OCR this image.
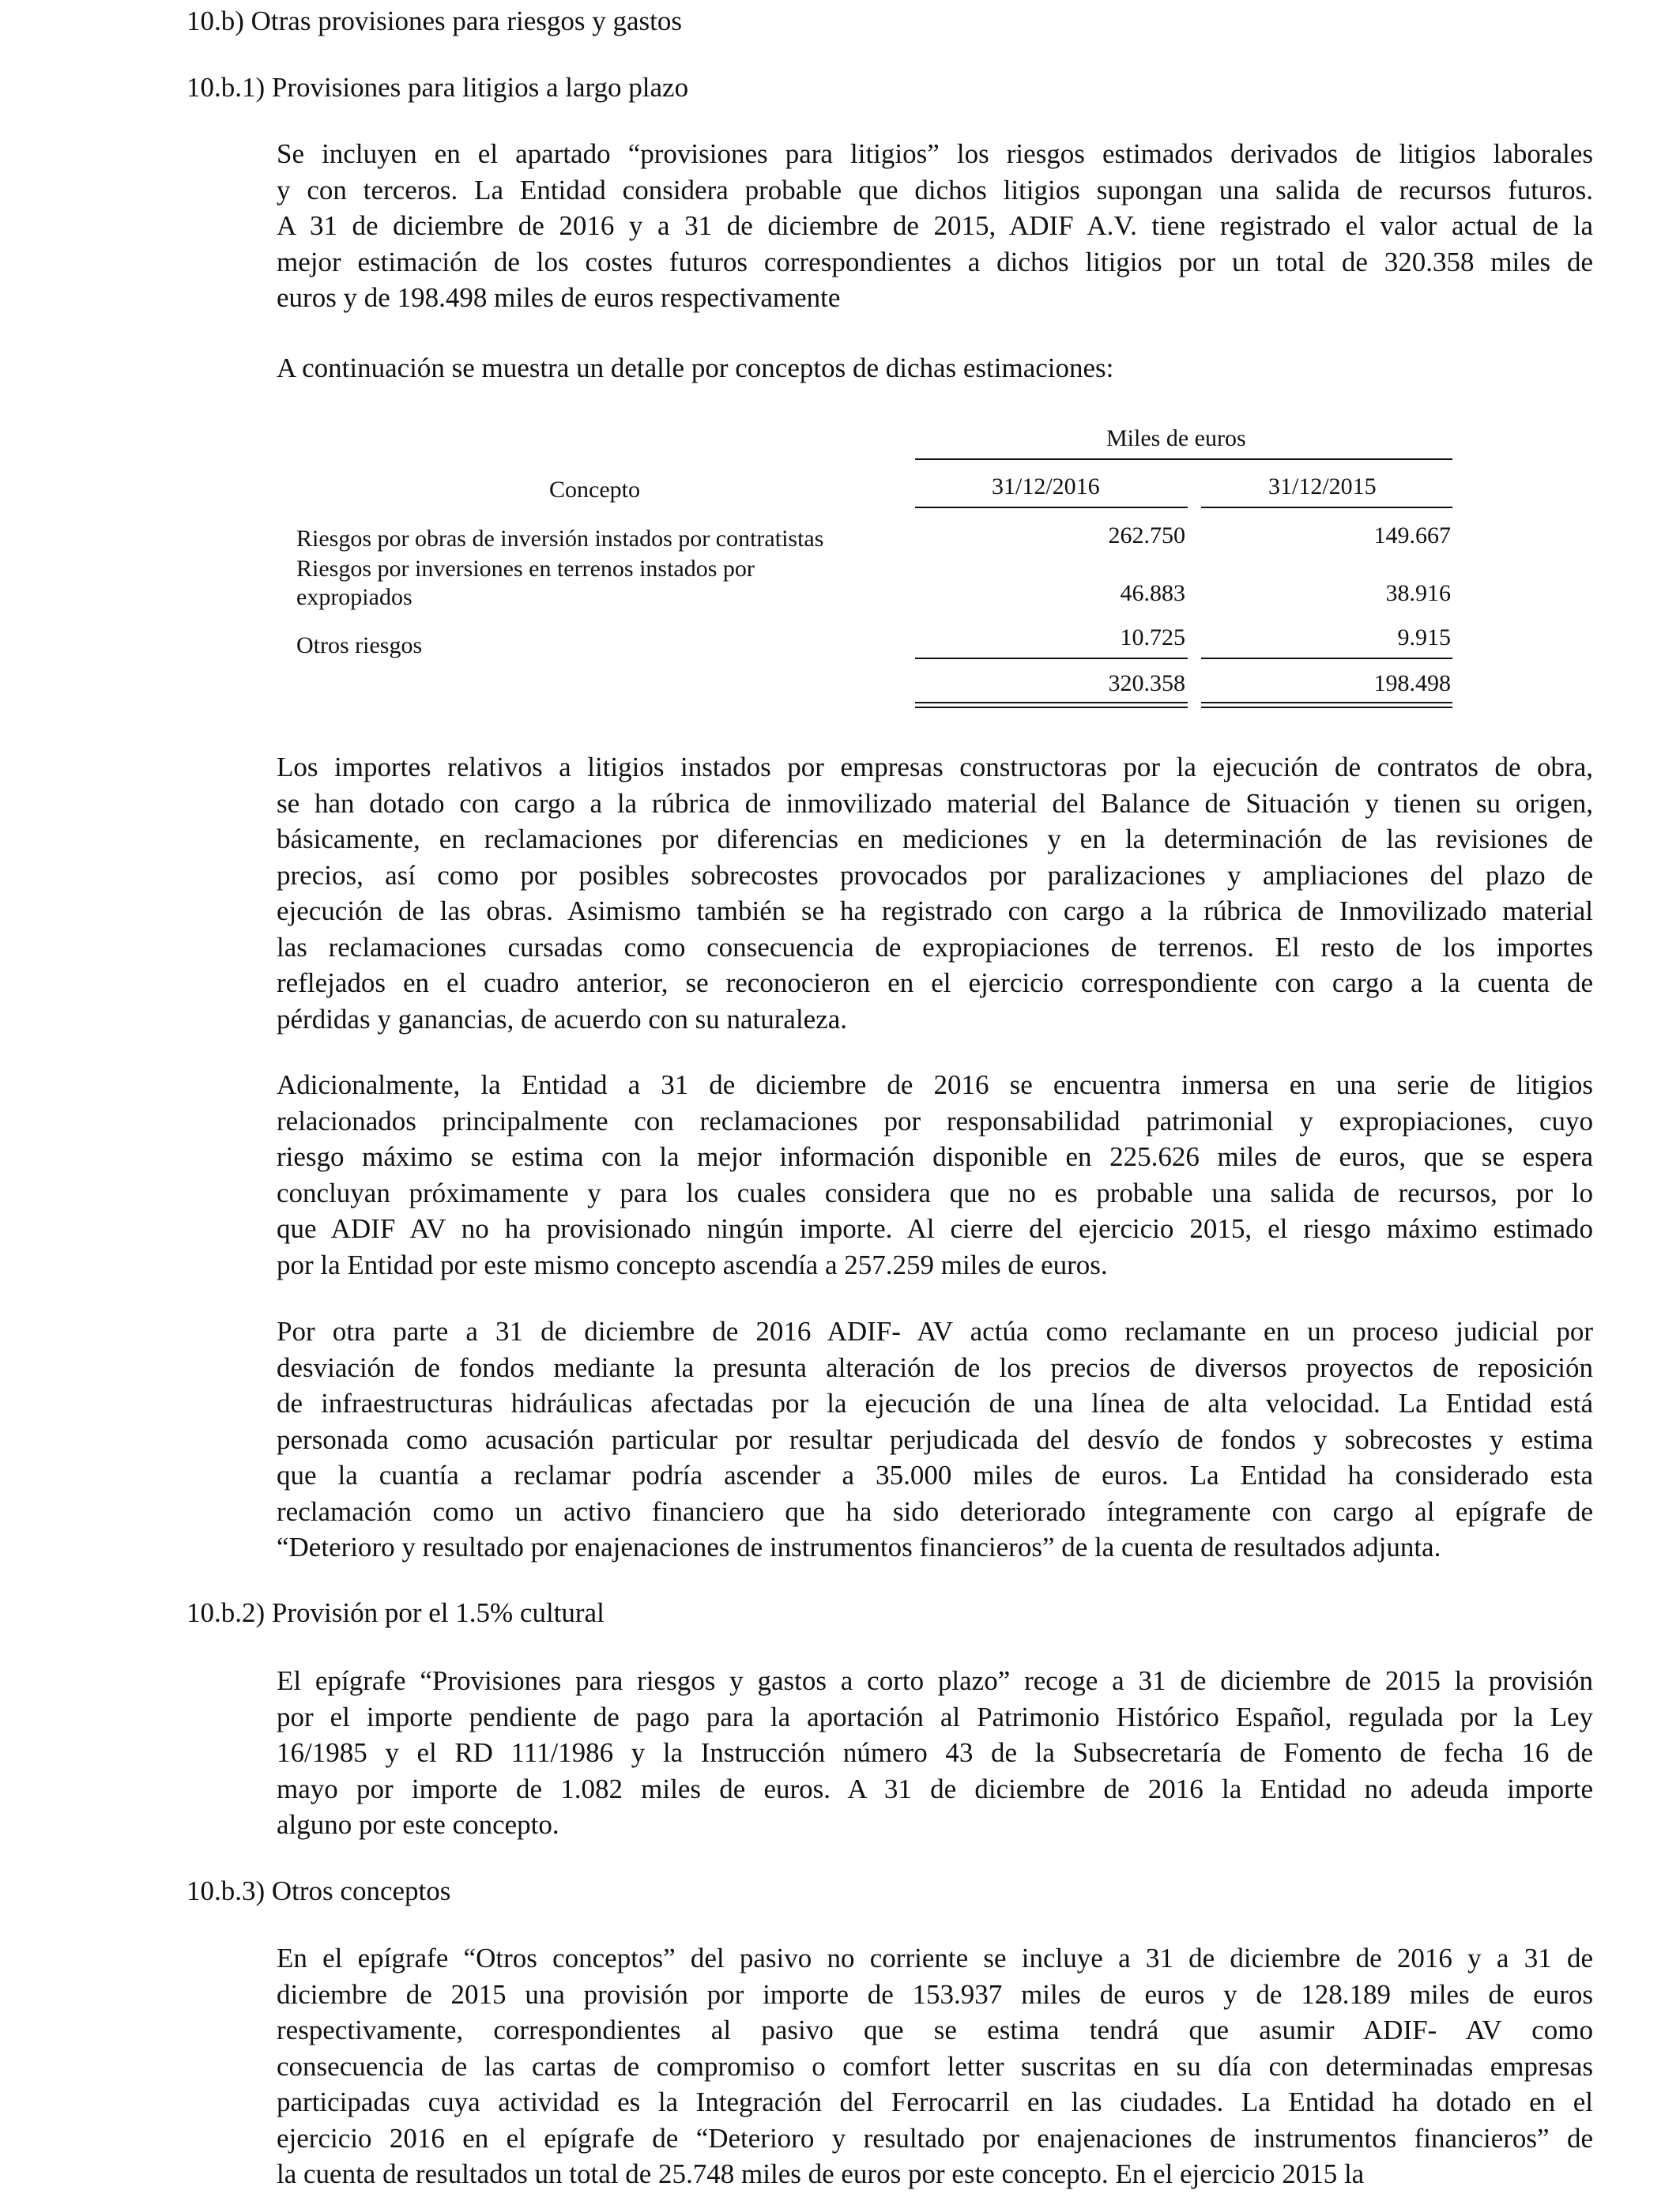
10.b) Otras provisiones para riesgos y gastos
10.b.1) Provisiones para litigios a largo plazo
Se incluyen en el apartado “provisiones para litigios” los riesgos estimados derivados de litigios laborales
y con terceros. La Entidad considera probable que dichos litigios supongan una salida de recursos futuros.
A 31 de diciembre de 2016 y a 31 de diciembre de 2015, ADIF A.V. tiene registrado el valor actual de la
mejor estimación de los costes futuros correspondientes a dichos litigios por un total de 320.358 miles de
euros y de 198.498 miles de euros respectivamente
A continuación se muestra un detalle por conceptos de dichas estimaciones:
Miles de euros
Concepto	31/12/2016	31/12/2015
Riesgos por obras de inversión instados por contratistas	262.750	149.667
Riesgos por inversiones en terrenos instados por
expropiados	46.883	38.916
Otros riesgos	10.725	9.915
320.358	198.498
Los importes relativos a litigios instados por empresas constructoras por la ejecución de contratos de obra,
se han dotado con cargo a la rúbrica de inmovilizado material del Balance de Situación y tienen su origen,
básicamente, en reclamaciones por diferencias en mediciones y en la determinación de las revisiones de
precios, así como por posibles sobrecostes provocados por paralizaciones y ampliaciones del plazo de
ejecución de las obras. Asimismo también se ha registrado con cargo a la rúbrica de Inmovilizado material
las reclamaciones cursadas como consecuencia de expropiaciones de terrenos. El resto de los importes
reflejados en el cuadro anterior, se reconocieron en el ejercicio correspondiente con cargo a la cuenta de
pérdidas y ganancias, de acuerdo con su naturaleza.
Adicionalmente, la Entidad a 31 de diciembre de 2016 se encuentra inmersa en una serie de litigios
relacionados principalmente con reclamaciones por responsabilidad patrimonial y expropiaciones, cuyo
riesgo máximo se estima con la mejor información disponible en 225.626 miles de euros, que se espera
concluyan próximamente y para los cuales considera que no es probable una salida de recursos, por lo
que ADIF AV no ha provisionado ningún importe. Al cierre del ejercicio 2015, el riesgo máximo estimado
por la Entidad por este mismo concepto ascendía a 257.259 miles de euros.
Por otra parte a 31 de diciembre de 2016 ADIF- AV actúa como reclamante en un proceso judicial por
desviación de fondos mediante la presunta alteración de los precios de diversos proyectos de reposición
de infraestructuras hidráulicas afectadas por la ejecución de una línea de alta velocidad. La Entidad está
personada como acusación particular por resultar perjudicada del desvío de fondos y sobrecostes y estima
que la cuantía a reclamar podría ascender a 35.000 miles de euros. La Entidad ha considerado esta
reclamación como un activo financiero que ha sido deteriorado íntegramente con cargo al epígrafe de
“Deterioro y resultado por enajenaciones de instrumentos financieros” de la cuenta de resultados adjunta.
10.b.2) Provisión por el 1.5% cultural
El epígrafe “Provisiones para riesgos y gastos a corto plazo” recoge a 31 de diciembre de 2015 la provisión
por el importe pendiente de pago para la aportación al Patrimonio Histórico Español, regulada por la Ley
16/1985 y el RD 111/1986 y la Instrucción número 43 de la Subsecretaría de Fomento de fecha 16 de
mayo por importe de 1.082 miles de euros. A 31 de diciembre de 2016 la Entidad no adeuda importe
alguno por este concepto.
10.b.3) Otros conceptos
En el epígrafe “Otros conceptos” del pasivo no corriente se incluye a 31 de diciembre de 2016 y a 31 de
diciembre de 2015 una provisión por importe de 153.937 miles de euros y de 128.189 miles de euros
respectivamente, correspondientes al pasivo que se estima tendrá que asumir ADIF- AV como
consecuencia de las cartas de compromiso o comfort letter suscritas en su día con determinadas empresas
participadas cuya actividad es la Integración del Ferrocarril en las ciudades. La Entidad ha dotado en el
ejercicio 2016 en el epígrafe de “Deterioro y resultado por enajenaciones de instrumentos financieros” de
la cuenta de resultados un total de 25.748 miles de euros por este concepto. En el ejercicio 2015 la
